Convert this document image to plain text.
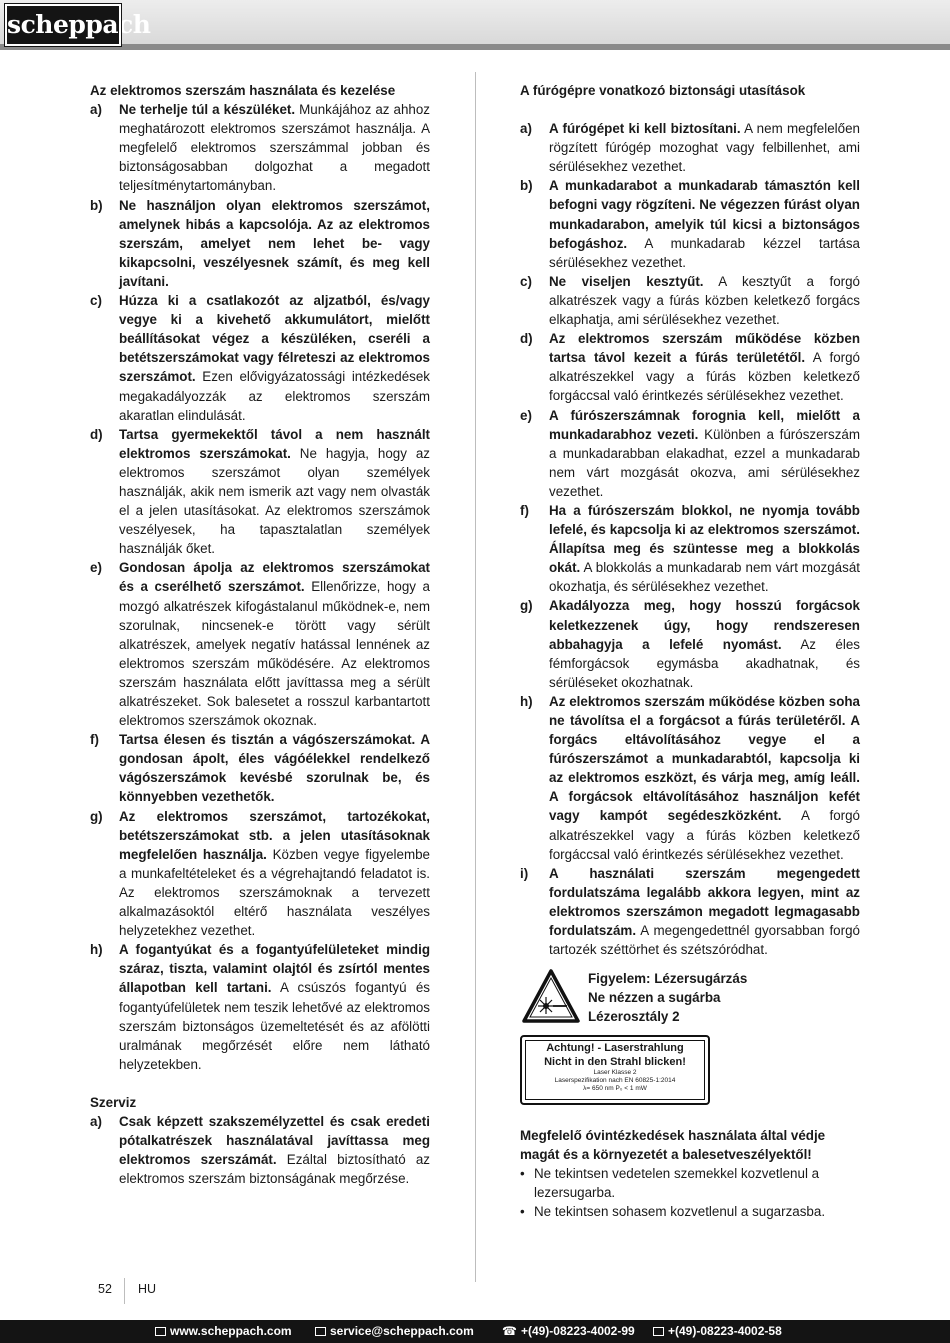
scheppach
Az elektromos szerszám használata és kezelése
a)	Ne terhelje túl a készüléket. Munkájához az ahhoz meghatározott elektromos szerszámot használja. A megfelelő elektromos szerszámmal jobban és biztonságosabban dolgozhat a megadott teljesítménytartományban.
b)	Ne használjon olyan elektromos szerszámot, amelynek hibás a kapcsolója. Az az elektromos szerszám, amelyet nem lehet be- vagy kikapcsolni, veszélyesnek számít, és meg kell javítani.
c)	Húzza ki a csatlakozót az aljzatból, és/vagy vegye ki a kivehető akkumulátort, mielőtt beállításokat végez a készüléken, cseréli a betétszerszámokat vagy félreteszi az elektromos szerszámot. Ezen elővigyázatossági intézkedések megakadályozzák az elektromos szerszám akaratlan elindulását.
d)	Tartsa gyermekektől távol a nem használt elektromos szerszámokat. Ne hagyja, hogy az elektromos szerszámot olyan személyek használják, akik nem ismerik azt vagy nem olvasták el a jelen utasításokat. Az elektromos szerszámok veszélyesek, ha tapasztalatlan személyek használják őket.
e)	Gondosan ápolja az elektromos szerszámokat és a cserélhető szerszámot. Ellenőrizze, hogy a mozgó alkatrészek kifogástalanul működnek-e, nem szorulnak, nincsenek-e törött vagy sérült alkatrészek, amelyek negatív hatással lennének az elektromos szerszám működésére. Az elektromos szerszám használata előtt javíttassa meg a sérült alkatrészeket. Sok balesetet a rosszul karbantartott elektromos szerszámok okoznak.
f)	Tartsa élesen és tisztán a vágószerszámokat. A gondosan ápolt, éles vágóélekkel rendelkező vágószerszámok kevésbé szorulnak be, és könnyebben vezethetők.
g)	Az elektromos szerszámot, tartozékokat, betétszerszámokat stb. a jelen utasításoknak megfelelően használja. Közben vegye figyelembe a munkafeltételeket és a végrehajtandó feladatot is. Az elektromos szerszámoknak a tervezett alkalmazásoktól eltérő használata veszélyes helyzetekhez vezethet.
h)	A fogantyúkat és a fogantyúfelületeket mindig száraz, tiszta, valamint olajtól és zsírtól mentes állapotban kell tartani. A csúszós fogantyú és fogantyúfelületek nem teszik lehetővé az elektromos szerszám biztonságos üzemeltetését és az afölötti uralmának megőrzését előre nem látható helyzetekben.
Szerviz
a)	Csak képzett szakszemélyzettel és csak eredeti pótalkatrészek használatával javíttassa meg elektromos szerszámát. Ezáltal biztosítható az elektromos szerszám biztonságának megőrzése.
A fúrógépre vonatkozó biztonsági utasítások
a)	A fúrógépet ki kell biztosítani. A nem megfelelően rögzített fúrógép mozoghat vagy felbillenhet, ami sérülésekhez vezethet.
b)	A munkadarabot a munkadarab támasztón kell befogni vagy rögzíteni. Ne végezzen fúrást olyan munkadarabon, amelyik túl kicsi a biztonságos befogáshoz. A munkadarab kézzel tartása sérülésekhez vezethet.
c)	Ne viseljen kesztyűt. A kesztyűt a forgó alkatrészek vagy a fúrás közben keletkező forgács elkaphatja, ami sérülésekhez vezethet.
d)	Az elektromos szerszám működése közben tartsa távol kezeit a fúrás területétől. A forgó alkatrészekkel vagy a fúrás közben keletkező forgáccsal való érintkezés sérülésekhez vezethet.
e)	A fúrószerszámnak forognia kell, mielőtt a munkadarabhoz vezeti. Különben a fúrószerszám a munkadarabban elakadhat, ezzel a munkadarab nem várt mozgását okozva, ami sérülésekhez vezethet.
f)	Ha a fúrószerszám blokkol, ne nyomja tovább lefelé, és kapcsolja ki az elektromos szerszámot. Állapítsa meg és szüntesse meg a blokkolás okát. A blokkolás a munkadarab nem várt mozgását okozhatja, és sérülésekhez vezethet.
g)	Akadályozza meg, hogy hosszú forgácsok keletkezzenek úgy, hogy rendszeresen abbahagyja a lefelé nyomást. Az éles fémforgácsok egymásba akadhatnak, és sérüléseket okozhatnak.
h)	Az elektromos szerszám működése közben soha ne távolítsa el a forgácsot a fúrás területéről. A forgács eltávolításához vegye el a fúrószerszámot a munkadarabtól, kapcsolja ki az elektromos eszközt, és várja meg, amíg leáll. A forgácsok eltávolításához használjon kefét vagy kampót segédeszközként. A forgó alkatrészekkel vagy a fúrás közben keletkező forgáccsal való érintkezés sérülésekhez vezethet.
i)	A használati szerszám megengedett fordulatszáma legalább akkora legyen, mint az elektromos szerszámon megadott legmagasabb fordulatszám. A megengedettnél gyorsabban forgó tartozék széttörhet és szétszóródhat.
Figyelem: Lézersugárzás
Ne nézzen a sugárba
Lézerosztály 2
Achtung! - Laserstrahlung
Nicht in den Strahl blicken!
Laser Klasse 2
Laserspezifikation nach EN 60825-1:2014
λ= 650 nm P₀ < 1 mW
Megfelelő óvintézkedések használata által védje magát és a környezetét a balesetveszélyektől!
• Ne tekintsen vedetelen szemekkel kozvetlenul a lezersugarba.
• Ne tekintsen sohasem kozvetlenul a sugarzasba.
52 HU
www.scheppach.com	service@scheppach.com ☎ +(49)-08223-4002-99	+(49)-08223-4002-58
